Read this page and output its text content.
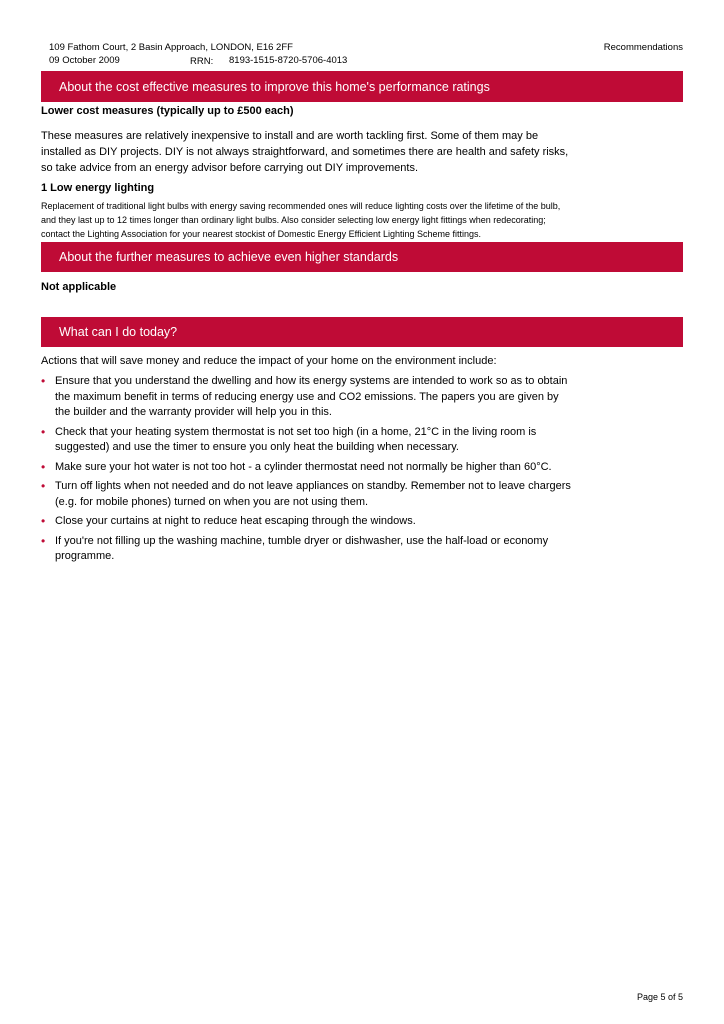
109 Fathom Court, 2 Basin Approach, LONDON, E16 2FF
09 October 2009	RRN: 8193-1515-8720-5706-4013
Recommendations
About the cost effective measures to improve this home's performance ratings
Lower cost measures (typically up to £500 each)
These measures are relatively inexpensive to install and are worth tackling first. Some of them may be
installed as DIY projects. DIY is not always straightforward, and sometimes there are health and safety risks,
so take advice from an energy advisor before carrying out DIY improvements.
1 Low energy lighting
Replacement of traditional light bulbs with energy saving recommended ones will reduce lighting costs over the lifetime of the bulb,
and they last up to 12 times longer than ordinary light bulbs. Also consider selecting low energy light fittings when redecorating;
contact the Lighting Association for your nearest stockist of Domestic Energy Efficient Lighting Scheme fittings.
About the further measures to achieve even higher standards
Not applicable
What can I do today?
Actions that will save money and reduce the impact of your home on the environment include:
• Ensure that you understand the dwelling and how its energy systems are intended to work so as to obtain
the maximum benefit in terms of reducing energy use and CO2 emissions. The papers you are given by
the builder and the warranty provider will help you in this.
• Check that your heating system thermostat is not set too high (in a home, 21°C in the living room is
suggested) and use the timer to ensure you only heat the building when necessary.
• Make sure your hot water is not too hot - a cylinder thermostat need not normally be higher than 60°C.
• Turn off lights when not needed and do not leave appliances on standby. Remember not to leave chargers
(e.g. for mobile phones) turned on when you are not using them.
• Close your curtains at night to reduce heat escaping through the windows.
• If you're not filling up the washing machine, tumble dryer or dishwasher, use the half-load or economy
programme.
Page 5 of 5
